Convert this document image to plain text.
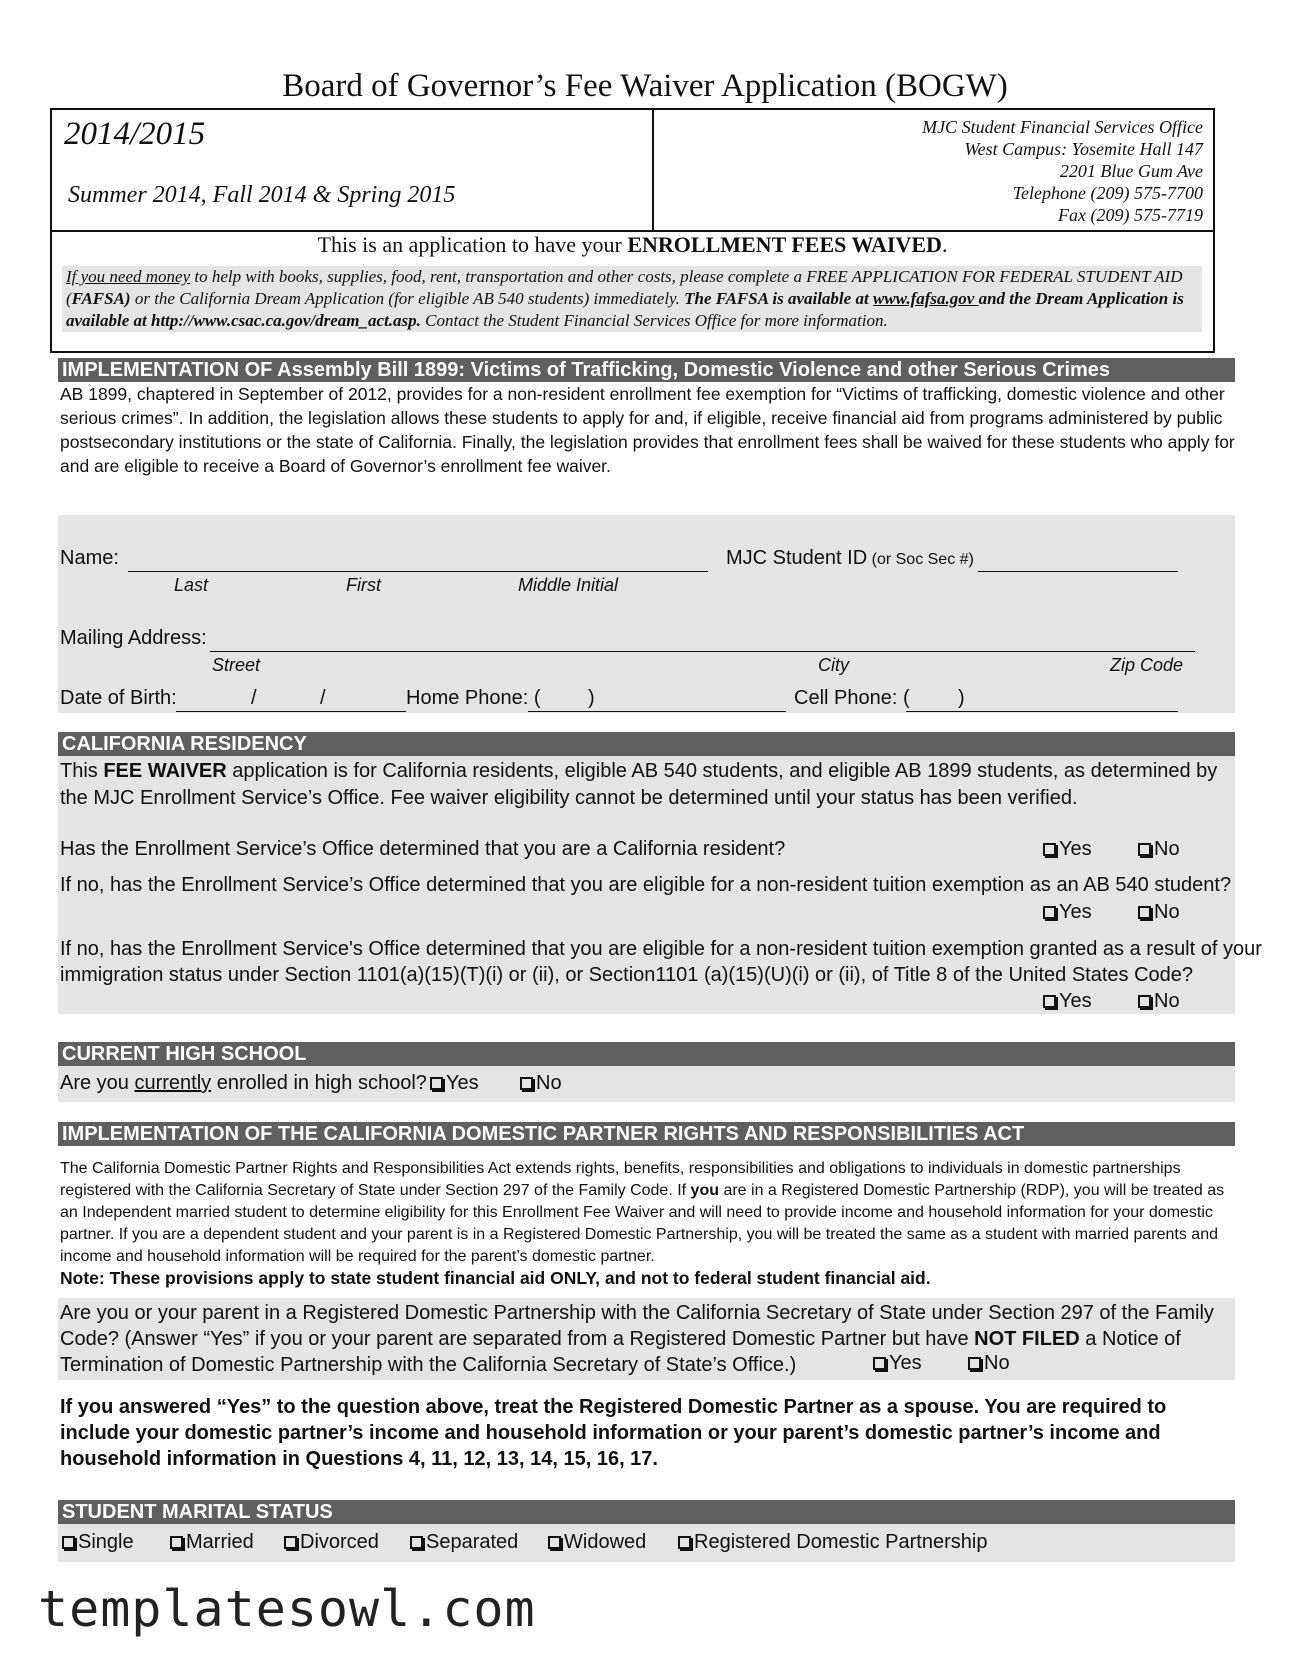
Board of Governor’s Fee Waiver Application (BOGW)
2014/2015
Summer 2014, Fall 2014 & Spring 2015
MJC Student Financial Services Office
West Campus: Yosemite Hall 147
2201 Blue Gum Ave
Telephone (209) 575-7700
Fax (209) 575-7719
This is an application to have your ENROLLMENT FEES WAIVED.
If you need money to help with books, supplies, food, rent, transportation and other costs, please complete a FREE APPLICATION FOR FEDERAL STUDENT AID (FAFSA) or the California Dream Application (for eligible AB 540 students) immediately. The FAFSA is available at www.fafsa.gov and the Dream Application is available at http://www.csac.ca.gov/dream_act.asp. Contact the Student Financial Services Office for more information.
IMPLEMENTATION OF Assembly Bill 1899: Victims of Trafficking, Domestic Violence and other Serious Crimes
AB 1899, chaptered in September of 2012, provides for a non-resident enrollment fee exemption for “Victims of trafficking, domestic violence and other serious crimes”. In addition, the legislation allows these students to apply for and, if eligible, receive financial aid from programs administered by public postsecondary institutions or the state of California. Finally, the legislation provides that enrollment fees shall be waived for these students who apply for and are eligible to receive a Board of Governor’s enrollment fee waiver.
Name:
Last	First	Middle Initial
MJC Student ID (or Soc Sec #)
Mailing Address:
Street	City	Zip Code
Date of Birth:	/	/	Home Phone: ( )	Cell Phone: ( )
CALIFORNIA RESIDENCY
This FEE WAIVER application is for California residents, eligible AB 540 students, and eligible AB 1899 students, as determined by the MJC Enrollment Service’s Office. Fee waiver eligibility cannot be determined until your status has been verified.
Has the Enrollment Service’s Office determined that you are a California resident?	Yes	No
If no, has the Enrollment Service’s Office determined that you are eligible for a non-resident tuition exemption as an AB 540 student?
Yes	No
If no, has the Enrollment Service's Office determined that you are eligible for a non-resident tuition exemption granted as a result of your
immigration status under Section 1101(a)(15)(T)(i) or (ii), or Section1101 (a)(15)(U)(i) or (ii), of Title 8 of the United States Code?
Yes	No
CURRENT HIGH SCHOOL
Are you currently enrolled in high school? Yes	No
IMPLEMENTATION OF THE CALIFORNIA DOMESTIC PARTNER RIGHTS AND RESPONSIBILITIES ACT
The California Domestic Partner Rights and Responsibilities Act extends rights, benefits, responsibilities and obligations to individuals in domestic partnerships registered with the California Secretary of State under Section 297 of the Family Code. If you are in a Registered Domestic Partnership (RDP), you will be treated as an Independent married student to determine eligibility for this Enrollment Fee Waiver and will need to provide income and household information for your domestic partner. If you are a dependent student and your parent is in a Registered Domestic Partnership, you will be treated the same as a student with married parents and income and household information will be required for the parent’s domestic partner.
Note: These provisions apply to state student financial aid ONLY, and not to federal student financial aid.
Are you or your parent in a Registered Domestic Partnership with the California Secretary of State under Section 297 of the Family Code? (Answer “Yes” if you or your parent are separated from a Registered Domestic Partner but have NOT FILED a Notice of Termination of Domestic Partnership with the California Secretary of State’s Office.)	Yes	No
If you answered “Yes” to the question above, treat the Registered Domestic Partner as a spouse. You are required to include your domestic partner’s income and household information or your parent’s domestic partner’s income and household information in Questions 4, 11, 12, 13, 14, 15, 16, 17.
STUDENT MARITAL STATUS
Single	Married	Divorced	Separated	Widowed	Registered Domestic Partnership
templatesowl.com
